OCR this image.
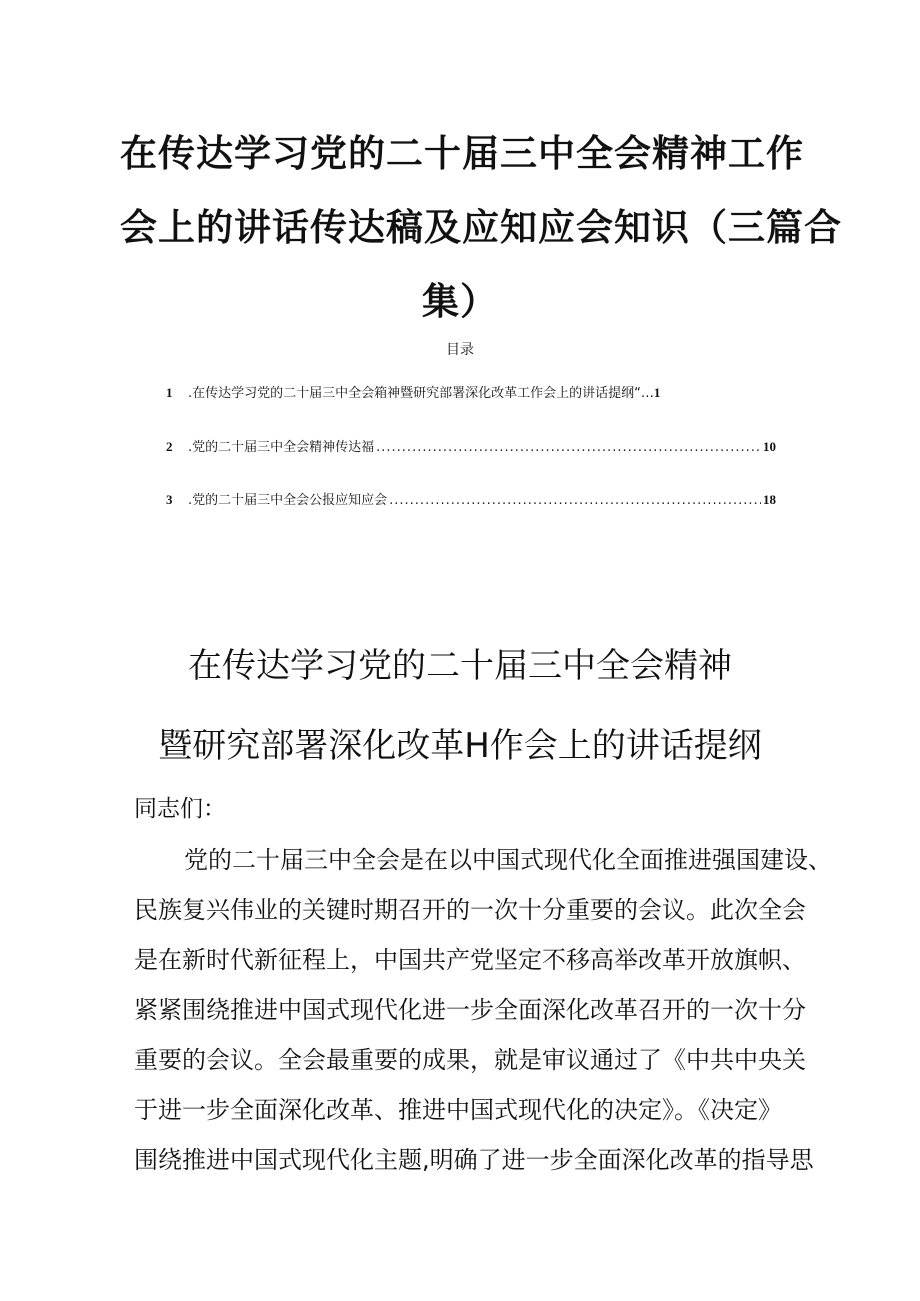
在传达学习党的二十届三中全会精神工作
会上的讲话传达稿及应知应会知识（三篇合
集）
目录
1	.在传达学习党的二十届三中全会箱神暨研究部署深化改革工作会上的讲话提纲“… 1
2	.党的二十届三中全会精神传达福 .....	10
3	.党的二十届三中全会公报应知应会 .....	18
在传达学习党的二十届三中全会精神
暨研究部署深化改革H作会上的讲话提纲
同志们：
党的二十届三中全会是在以中国式现代化全面推进强国建设、
民族复兴伟业的关键时期召开的一次十分重要的会议。此次全会
是在新时代新征程上，中国共产党坚定不移高举改革开放旗帜、
紧紧围绕推进中国式现代化进一步全面深化改革召开的一次十分
重要的会议。全会最重要的成果，就是审议通过了《中共中央关
于进一步全面深化改革、推进中国式现代化的决定》。《决定》
围绕推进中国式现代化主题,明确了进一步全面深化改革的指导思
